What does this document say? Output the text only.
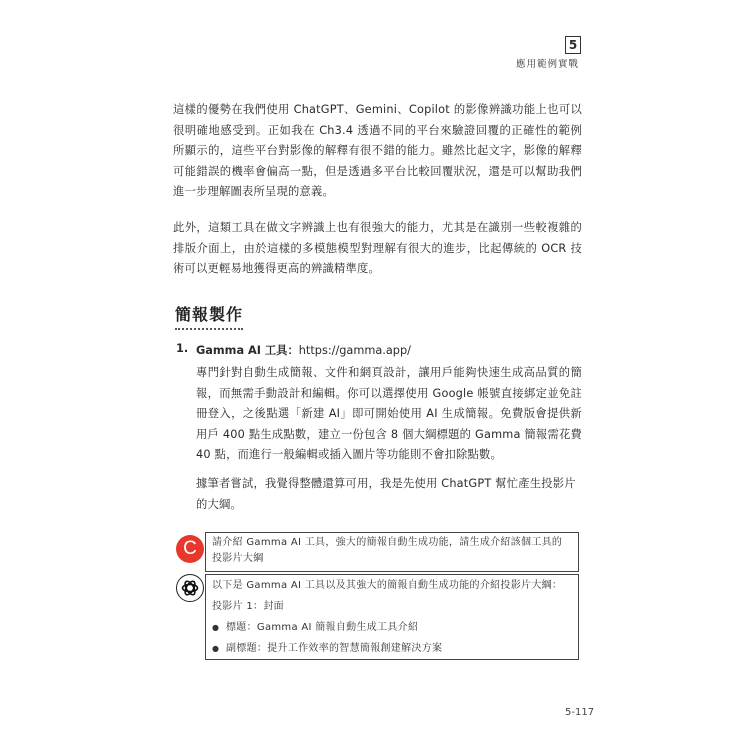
5
應用範例實戰
這樣的優勢在我們使用 ChatGPT、Gemini、Copilot 的影像辨識功能上也可以很明確地感受到。正如我在 Ch3.4 透過不同的平台來驗證回覆的正確性的範例所顯示的，這些平台對影像的解釋有很不錯的能力。雖然比起文字，影像的解釋可能錯誤的機率會偏高一點，但是透過多平台比較回覆狀況，還是可以幫助我們進一步理解圖表所呈現的意義。
此外，這類工具在做文字辨識上也有很強大的能力，尤其是在識別一些較複雜的排版介面上，由於這樣的多模態模型對理解有很大的進步，比起傳統的 OCR 技術可以更輕易地獲得更高的辨識精準度。
簡報製作
1. Gamma AI 工具：https://gamma.app/
專門針對自動生成簡報、文件和網頁設計，讓用戶能夠快速生成高品質的簡報，而無需手動設計和編輯。你可以選擇使用 Google 帳號直接綁定並免註冊登入，之後點選「新建 AI」即可開始使用 AI 生成簡報。免費版會提供新用戶 400 點生成點數，建立一份包含 8 個大綱標題的 Gamma 簡報需花費 40 點，而進行一般編輯或插入圖片等功能則不會扣除點數。
據筆者嘗試，我覺得整體還算可用，我是先使用 ChatGPT 幫忙產生投影片的大綱。
C	請介紹 Gamma AI 工具，強大的簡報自動生成功能，請生成介紹該個工具的投影片大綱
以下是 Gamma AI 工具以及其強大的簡報自動生成功能的介紹投影片大綱：
投影片 1：封面
● 標題：Gamma AI 簡報自動生成工具介紹
● 副標題：提升工作效率的智慧簡報創建解決方案
5-117
